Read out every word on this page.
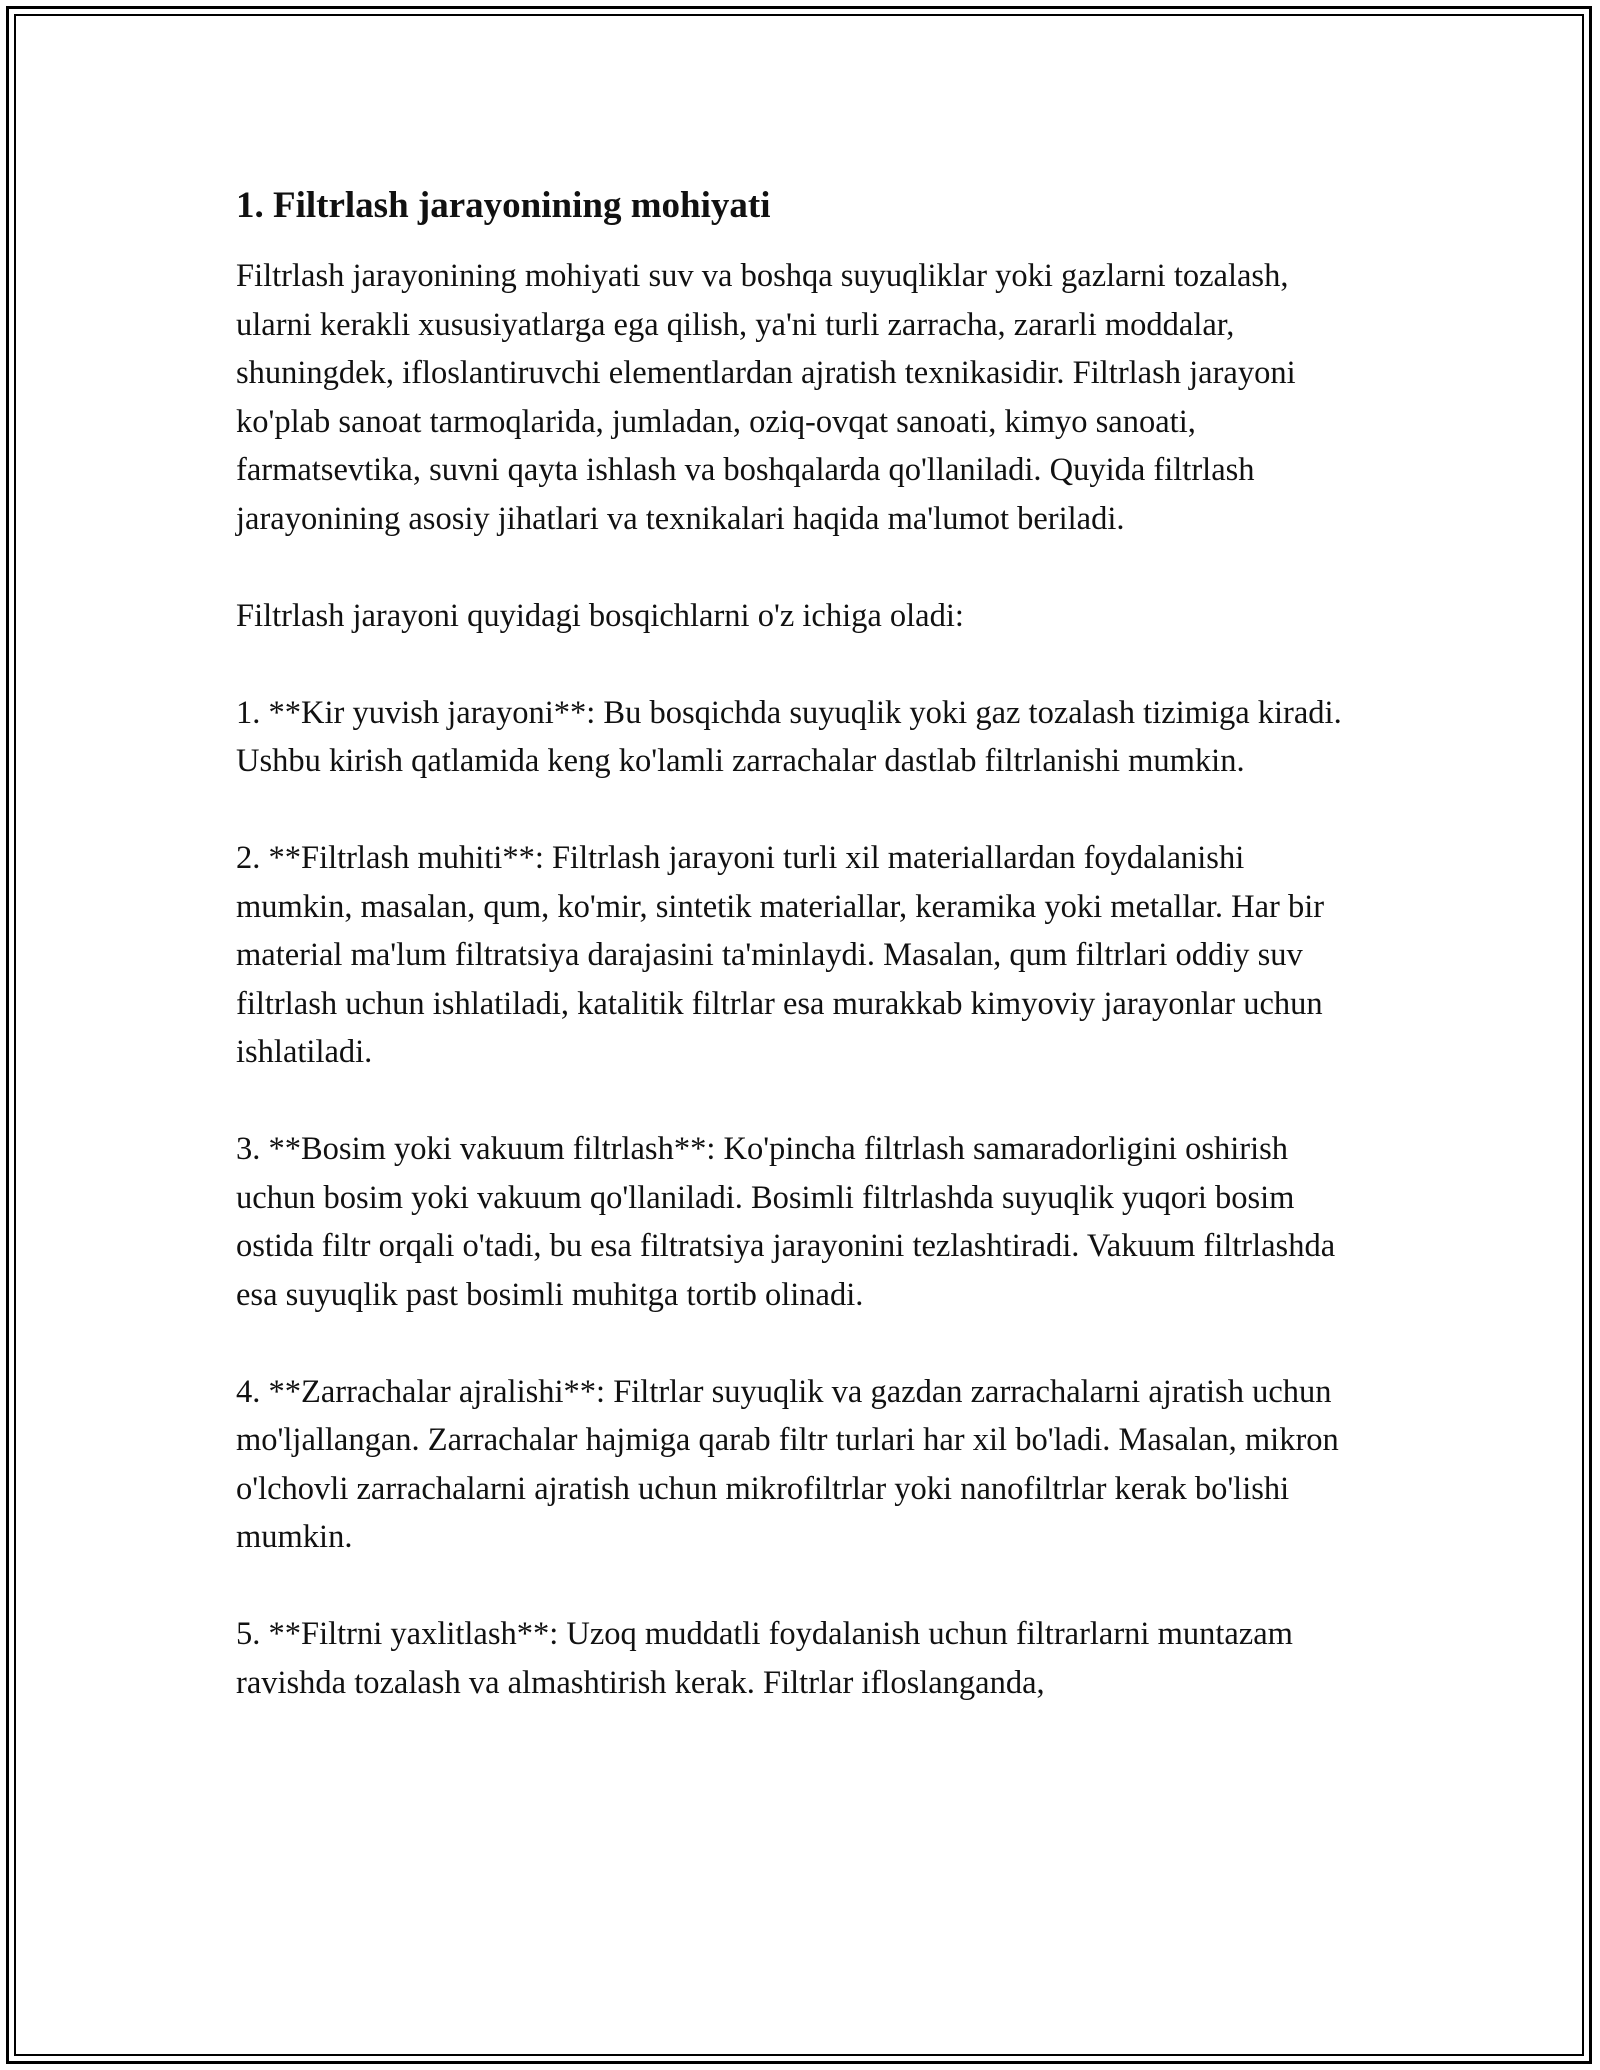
1. Filtrlash jarayonining mohiyati

Filtrlash jarayonining mohiyati suv va boshqa suyuqliklar yoki gazlarni tozalash, ularni kerakli xususiyatlarga ega qilish, ya'ni turli zarracha, zararli moddalar, shuningdek, ifloslantiruvchi elementlardan ajratish texnikasidir. Filtrlash jarayoni ko'plab sanoat tarmoqlarida, jumladan, oziq-ovqat sanoati, kimyo sanoati, farmatsevtika, suvni qayta ishlash va boshqalarda qo'llaniladi. Quyida filtrlash jarayonining asosiy jihatlari va texnikalari haqida ma'lumot beriladi.

Filtrlash jarayoni quyidagi bosqichlarni o'z ichiga oladi:

1. **Kir yuvish jarayoni**: Bu bosqichda suyuqlik yoki gaz tozalash tizimiga kiradi. Ushbu kirish qatlamida keng ko'lamli zarrachalar dastlab filtrlanishi mumkin.

2. **Filtrlash muhiti**: Filtrlash jarayoni turli xil materiallardan foydalanishi mumkin, masalan, qum, ko'mir, sintetik materiallar, keramika yoki metallar. Har bir material ma'lum filtratsiya darajasini ta'minlaydi. Masalan, qum filtrlari oddiy suv filtrlash uchun ishlatiladi, katalitik filtrlar esa murakkab kimyoviy jarayonlar uchun ishlatiladi.

3. **Bosim yoki vakuum filtrlash**: Ko'pincha filtrlash samaradorligini oshirish uchun bosim yoki vakuum qo'llaniladi. Bosimli filtrlashda suyuqlik yuqori bosim ostida filtr orqali o'tadi, bu esa filtratsiya jarayonini tezlashtiradi. Vakuum filtrlashda esa suyuqlik past bosimli muhitga tortib olinadi.

4. **Zarrachalar ajralishi**: Filtrlar suyuqlik va gazdan zarrachalarni ajratish uchun mo'ljallangan. Zarrachalar hajmiga qarab filtr turlari har xil bo'ladi. Masalan, mikron o'lchovli zarrachalarni ajratish uchun mikrofiltrlar yoki nanofiltrlar kerak bo'lishi mumkin.

5. **Filtrni yaxlitlash**: Uzoq muddatli foydalanish uchun filtrarlarni muntazam ravishda tozalash va almashtirish kerak. Filtrlar ifloslanganda,
